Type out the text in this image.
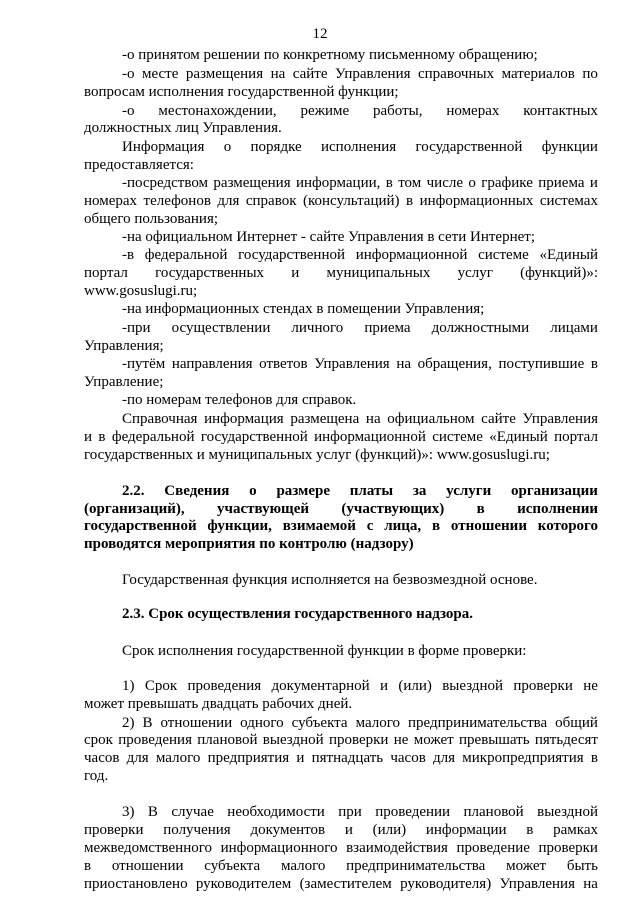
12
-о принятом решении по конкретному письменному обращению;
-о месте размещения на сайте Управления справочных материалов по
вопросам исполнения государственной функции;
-о местонахождении, режиме работы, номерах контактных
должностных лиц Управления.
Информация о порядке исполнения государственной функции
предоставляется:
-посредством размещения информации, в том числе о графике приема и
номерах телефонов для справок (консультаций) в информационных системах
общего пользования;
-на официальном Интернет - сайте Управления в сети Интернет;
-в федеральной государственной информационной системе «Единый
портал государственных и муниципальных услуг (функций)»:
www.gosuslugi.ru;
-на информационных стендах в помещении Управления;
-при осуществлении личного приема должностными лицами
Управления;
-путём направления ответов Управления на обращения, поступившие в
Управление;
-по номерам телефонов для справок.
Справочная информация размещена на официальном сайте Управления
и в федеральной государственной информационной системе «Единый портал
государственных и муниципальных услуг (функций)»: www.gosuslugi.ru;
2.2. Сведения о размере платы за услуги организации
(организаций), участвующей (участвующих) в исполнении
государственной функции, взимаемой с лица, в отношении которого
проводятся мероприятия по контролю (надзору)
Государственная функция исполняется на безвозмездной основе.
2.3. Срок осуществления государственного надзора.
Срок исполнения государственной функции в форме проверки:
1) Срок проведения документарной и (или) выездной проверки не
может превышать двадцать рабочих дней.
2) В отношении одного субъекта малого предпринимательства общий
срок проведения плановой выездной проверки не может превышать пятьдесят
часов для малого предприятия и пятнадцать часов для микропредприятия в
год.
3) В случае необходимости при проведении плановой выездной
проверки получения документов и (или) информации в рамках
межведомственного информационного взаимодействия проведение проверки
в отношении субъекта малого предпринимательства может быть
приостановлено руководителем (заместителем руководителя) Управления на
